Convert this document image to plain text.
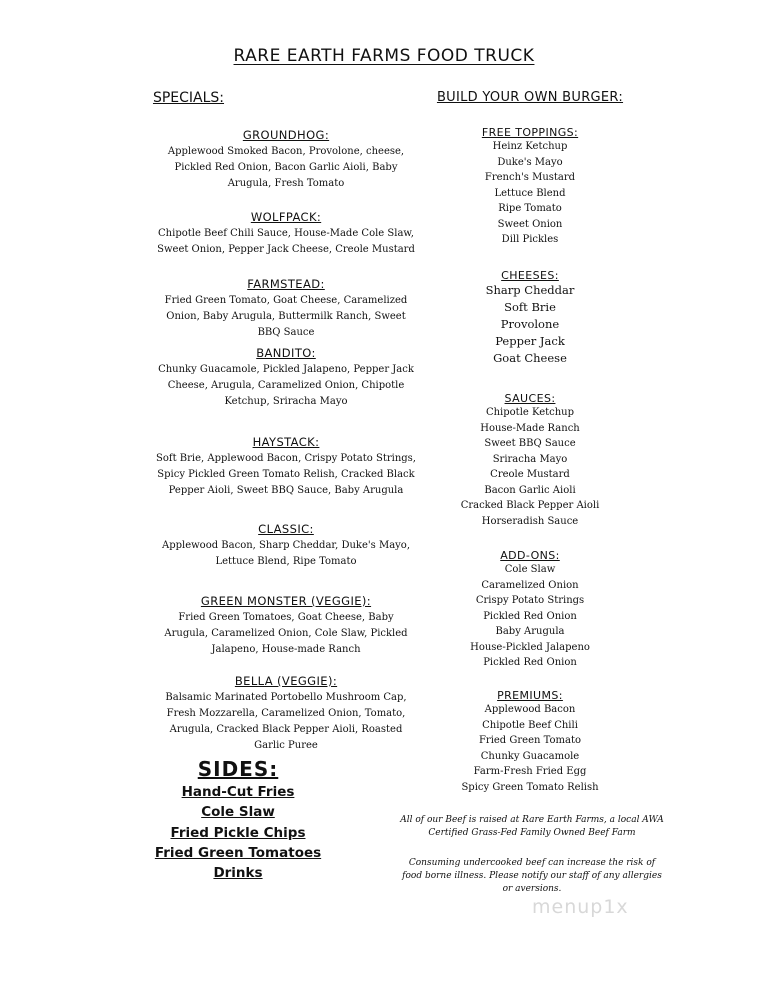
RARE EARTH FARMS FOOD TRUCK
SPECIALS:
GROUNDHOG:
Applewood Smoked Bacon, Provolone, cheese, Pickled Red Onion, Bacon Garlic Aioli, Baby Arugula, Fresh Tomato
WOLFPACK:
Chipotle Beef Chili Sauce, House-Made Cole Slaw, Sweet Onion, Pepper Jack Cheese, Creole Mustard
FARMSTEAD:
Fried Green Tomato, Goat Cheese, Caramelized Onion, Baby Arugula, Buttermilk Ranch, Sweet BBQ Sauce
BANDITO:
Chunky Guacamole, Pickled Jalapeno, Pepper Jack Cheese, Arugula, Caramelized Onion, Chipotle Ketchup, Sriracha Mayo
HAYSTACK:
Soft Brie, Applewood Bacon, Crispy Potato Strings, Spicy Pickled Green Tomato Relish, Cracked Black Pepper Aioli, Sweet BBQ Sauce, Baby Arugula
CLASSIC:
Applewood Bacon, Sharp Cheddar, Duke's Mayo, Lettuce Blend, Ripe Tomato
GREEN MONSTER (VEGGIE):
Fried Green Tomatoes, Goat Cheese, Baby Arugula, Caramelized Onion, Cole Slaw, Pickled Jalapeno, House-made Ranch
BELLA (VEGGIE):
Balsamic Marinated Portobello Mushroom Cap, Fresh Mozzarella, Caramelized Onion, Tomato, Arugula, Cracked Black Pepper Aioli, Roasted Garlic Puree
SIDES:
Hand-Cut Fries
Cole Slaw
Fried Pickle Chips
Fried Green Tomatoes
Drinks
BUILD YOUR OWN BURGER:
FREE TOPPINGS:
Heinz Ketchup
Duke's Mayo
French's Mustard
Lettuce Blend
Ripe Tomato
Sweet Onion
Dill Pickles
CHEESES:
Sharp Cheddar
Soft Brie
Provolone
Pepper Jack
Goat Cheese
SAUCES:
Chipotle Ketchup
House-Made Ranch
Sweet BBQ Sauce
Sriracha Mayo
Creole Mustard
Bacon Garlic Aioli
Cracked Black Pepper Aioli
Horseradish Sauce
ADD-ONS:
Cole Slaw
Caramelized Onion
Crispy Potato Strings
Pickled Red Onion
Baby Arugula
House-Pickled Jalapeno
Pickled Red Onion
PREMIUMS:
Applewood Bacon
Chipotle Beef Chili
Fried Green Tomato
Chunky Guacamole
Farm-Fresh Fried Egg
Spicy Green Tomato Relish
All of our Beef is raised at Rare Earth Farms, a local AWA Certified Grass-Fed Family Owned Beef Farm
Consuming undercooked beef can increase the risk of food borne illness. Please notify our staff of any allergies or aversions.
menup1x
